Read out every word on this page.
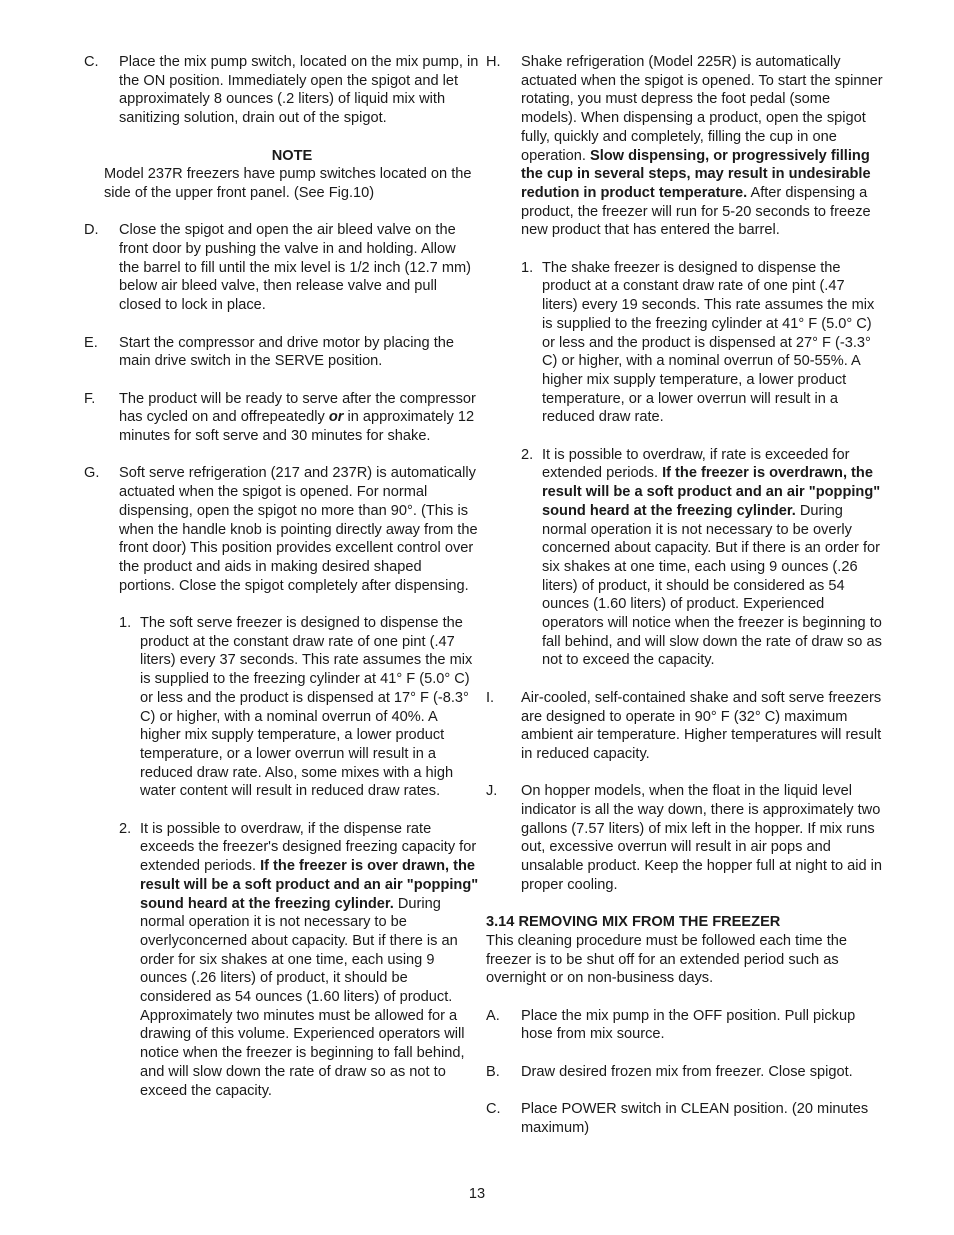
C.	Place the mix pump switch, located on the mix pump, in the ON position. Immediately open the spigot and let approximately 8 ounces (.2 liters) of liquid mix with sanitizing solution, drain out of the spigot.
NOTE
Model 237R freezers have pump switches located on the side of the upper front panel. (See Fig.10)
D.	Close the spigot and open the air bleed valve on the front door by pushing the valve in and holding. Allow the barrel to fill until the mix level is 1/2 inch (12.7 mm) below air bleed valve, then release valve and pull closed to lock in place.
E.	Start the compressor and drive motor by placing the main drive switch in the SERVE position.
F.	The product will be ready to serve after the compressor has cycled on and offrepeatedly or in approximately 12 minutes for soft serve and 30 minutes for shake.
G.	Soft serve refrigeration (217 and 237R) is automatically actuated when the spigot is opened. For normal dispensing, open the spigot no more than 90°. (This is when the handle knob is pointing directly away from the front door) This position provides excellent control over the product and aids in making desired shaped portions. Close the spigot completely after dispensing.
1. The soft serve freezer is designed to dispense the product at the constant draw rate of one pint (.47 liters) every 37 seconds. This rate assumes the mix is supplied to the freezing cylinder at 41° F (5.0° C) or less and the product is dispensed at 17° F (-8.3° C) or higher, with a nominal overrun of 40%. A higher mix supply temperature, a lower product temperature, or a lower overrun will result in a reduced draw rate. Also, some mixes with a high water content will result in reduced draw rates.
2. It is possible to overdraw, if the dispense rate exceeds the freezer's designed freezing capacity for extended periods. If the freezer is over drawn, the result will be a soft product and an air "popping" sound heard at the freezing cylinder. During normal operation it is not necessary to be overlyconcerned about capacity. But if there is an order for six shakes at one time, each using 9 ounces (.26 liters) of product, it should be considered as 54 ounces (1.60 liters) of product. Approximately two minutes must be allowed for a drawing of this volume. Experienced operators will notice when the freezer is beginning to fall behind, and will slow down the rate of draw so as not to exceed the capacity.
H.	Shake refrigeration (Model 225R) is automatically actuated when the spigot is opened. To start the spinner rotating, you must depress the foot pedal (some models). When dispensing a product, open the spigot fully, quickly and completely, filling the cup in one operation. Slow dispensing, or progressively filling the cup in several steps, may result in undesirable redution in product temperature. After dispensing a product, the freezer will run for 5-20 seconds to freeze new product that has entered the barrel.
1. The shake freezer is designed to dispense the product at a constant draw rate of one pint (.47 liters) every 19 seconds. This rate assumes the mix is supplied to the freezing cylinder at 41° F (5.0° C) or less and the product is dispensed at 27° F (-3.3° C) or higher, with a nominal overrun of 50-55%. A higher mix supply temperature, a lower product temperature, or a lower overrun will result in a reduced draw rate.
2. It is possible to overdraw, if rate is exceeded for extended periods. If the freezer is overdrawn, the result will be a soft product and an air "popping" sound heard at the freezing cylinder. During normal operation it is not necessary to be overly concerned about capacity. But if there is an order for six shakes at one time, each using 9 ounces (.26 liters) of product, it should be considered as 54 ounces (1.60 liters) of product. Experienced operators will notice when the freezer is beginning to fall behind, and will slow down the rate of draw so as not to exceed the capacity.
I.	Air-cooled, self-contained shake and soft serve freezers are designed to operate in 90° F (32° C) maximum ambient air temperature. Higher temperatures will result in reduced capacity.
J.	On hopper models, when the float in the liquid level indicator is all the way down, there is approximately two gallons (7.57 liters) of mix left in the hopper. If mix runs out, excessive overrun will result in air pops and unsalable product. Keep the hopper full at night to aid in proper cooling.
3.14 REMOVING MIX FROM THE FREEZER
This cleaning procedure must be followed each time the freezer is to be shut off for an extended period such as overnight or on non-business days.
A.	Place the mix pump in the OFF position. Pull pickup hose from mix source.
B.	Draw desired frozen mix from freezer. Close spigot.
C.	Place POWER switch in CLEAN position. (20 minutes maximum)
13
